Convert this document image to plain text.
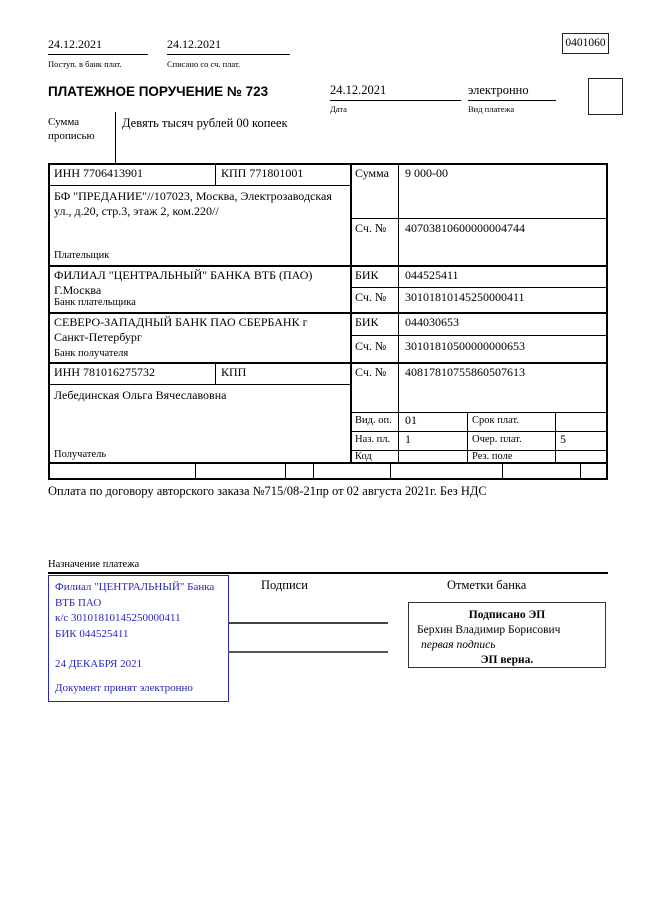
24.12.2021
Поступ. в банк плат.
24.12.2021
Списано со сч. плат.
0401060
ПЛАТЕЖНОЕ ПОРУЧЕНИЕ № 723	24.12.2021
Дата
электронно
Вид платежа
Сумма прописью
Девять тысяч рублей 00 копеек
ИНН 7706413901	КПП 771801001
БФ "ПРЕДАНИЕ"//107023, Москва, Электрозаводская ул., д.20, стр.3, этаж 2, ком.220//
Плательщик
Сумма 9 000-00
Сч. № 40703810600000004744
ФИЛИАЛ "ЦЕНТРАЛЬНЫЙ" БАНКА ВТБ (ПАО) Г.Москва
Банк плательщика
БИК 044525411
Сч. № 30101810145250000411
СЕВЕРО-ЗАПАДНЫЙ БАНК ПАО СБЕРБАНК г Санкт-Петербург
Банк получателя
БИК 044030653
Сч. № 30101810500000000653
ИНН 781016275732	КПП	Сч. № 40817810755860507613
Лебединская Ольга Вячеславовна
Получатель
Вид. оп. 01	Срок плат.
Наз. пл. 1	Очер. плат.	5
Код	Рез. поле
Оплата по договору авторского заказа №715/08-21пр от 02 августа 2021г. Без НДС
Назначение платежа
Филиал "ЦЕНТРАЛЬНЫЙ" Банка ВТБ ПАО
к/с 30101810145250000411
БИК 044525411
24 ДЕКАБРЯ 2021
Документ принят электронно
Подписи	Отметки банка
Подписано ЭП
Берхин Владимир Борисович
первая подпись
ЭП верна.
